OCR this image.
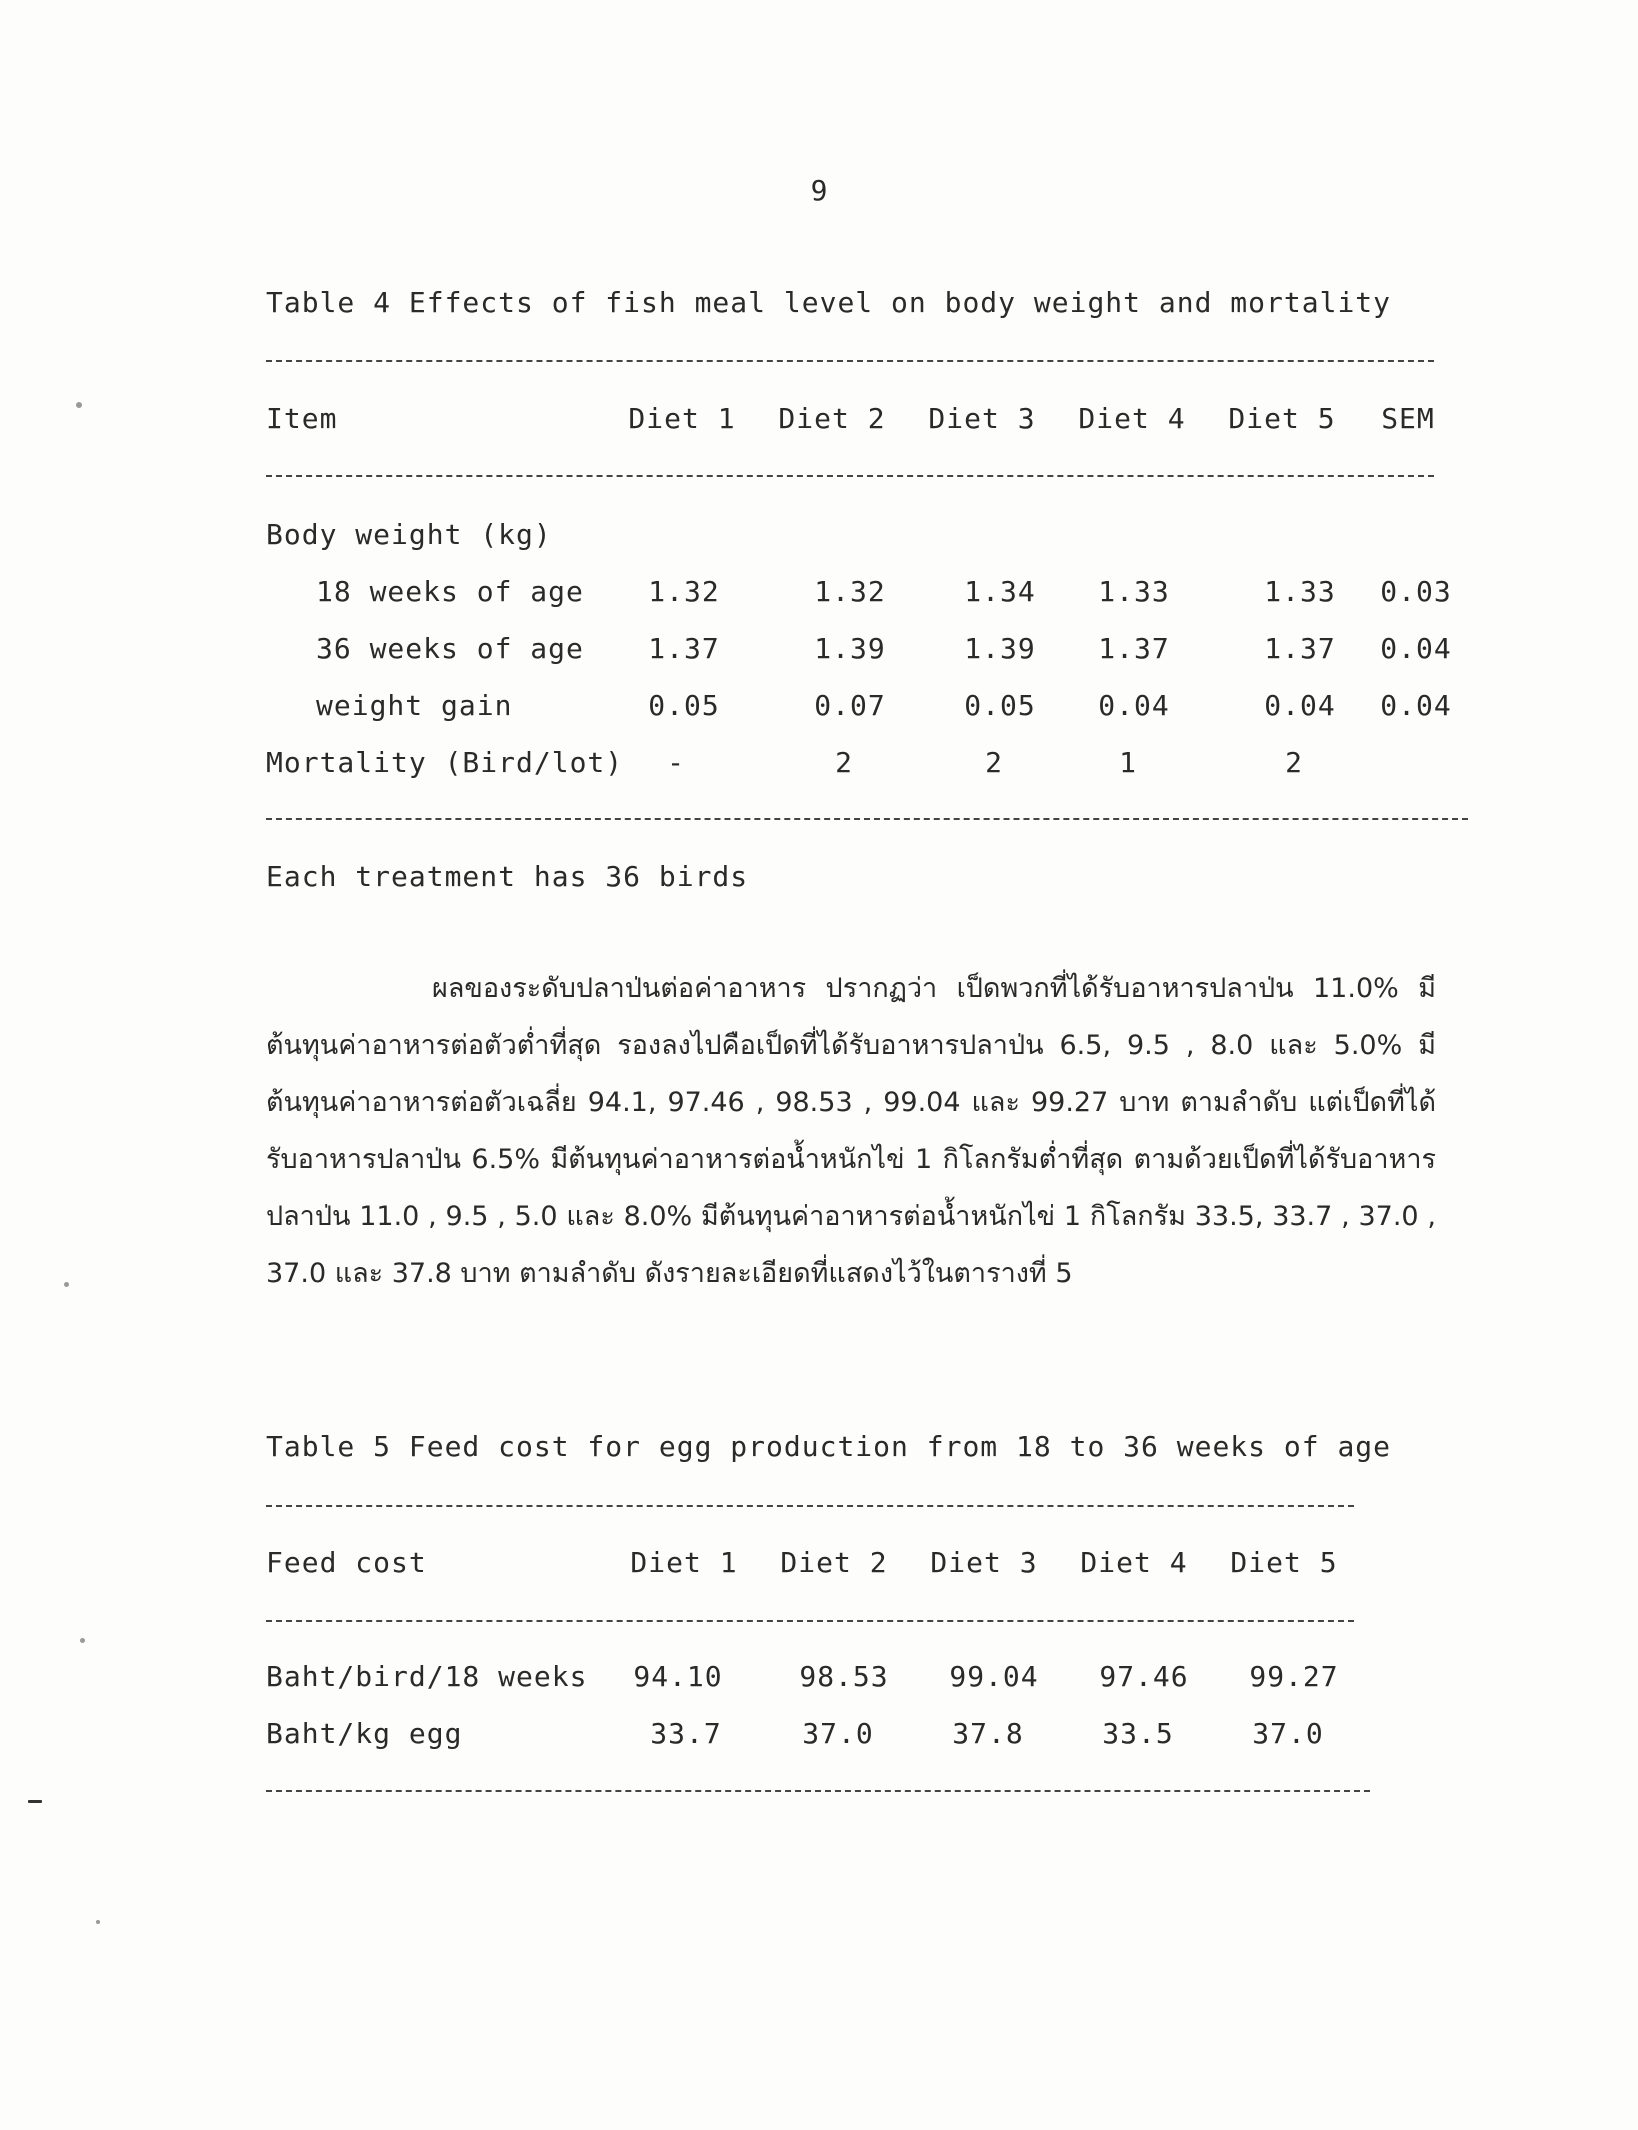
9
Table 4 Effects of fish meal level on body weight and mortality
Item	Diet 1	Diet 2	Diet 3	Diet 4	Diet 5	SEM
Body weight (kg)
18 weeks of age	1.32	1.32	1.34	1.33	1.33	0.03
36 weeks of age	1.37	1.39	1.39	1.37	1.37	0.04
weight gain	0.05	0.07	0.05	0.04	0.04	0.04
Mortality (Bird/lot)	-	2	2	1	2
Each treatment has 36 birds

ผลของระดับปลาป่นต่อค่าอาหาร ปรากฏว่า เป็ดพวกที่ได้รับอาหารปลาป่น 11.0% มีต้นทุนค่าอาหารต่อตัวต่ำที่สุด รองลงไปคือเป็ดที่ได้รับอาหารปลาป่น 6.5, 9.5 , 8.0 และ 5.0% มีต้นทุนค่าอาหารต่อตัวเฉลี่ย 94.1, 97.46 , 98.53 , 99.04 และ 99.27 บาท ตามลำดับ แต่เป็ดที่ได้รับอาหารปลาป่น 6.5% มีต้นทุนค่าอาหารต่อน้ำหนักไข่ 1 กิโลกรัมต่ำที่สุด ตามด้วยเป็ดที่ได้รับอาหารปลาป่น 11.0 , 9.5 , 5.0 และ 8.0% มีต้นทุนค่าอาหารต่อน้ำหนักไข่ 1 กิโลกรัม 33.5, 33.7 , 37.0 , 37.0 และ 37.8 บาท ตามลำดับ ดังรายละเอียดที่แสดงไว้ในตารางที่ 5

Table 5 Feed cost for egg production from 18 to 36 weeks of age
Feed cost	Diet 1	Diet 2	Diet 3	Diet 4	Diet 5
Baht/bird/18 weeks	94.10	98.53	99.04	97.46	99.27
Baht/kg egg	33.7	37.0	37.8	33.5	37.0
